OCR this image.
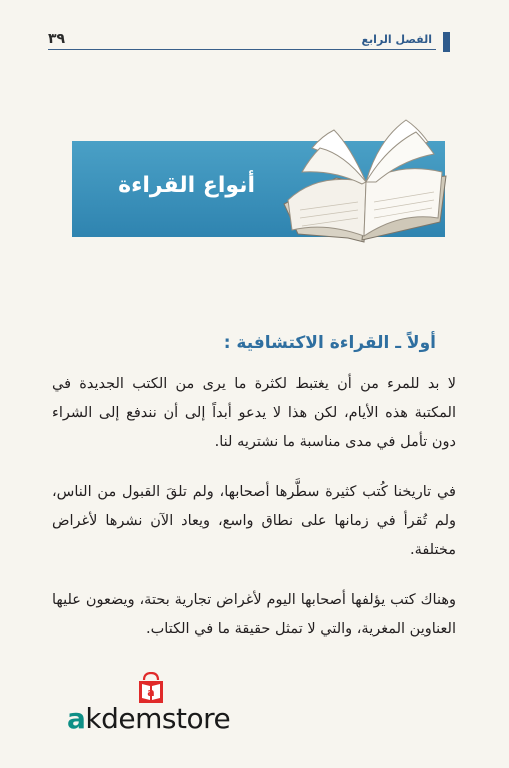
الفصل الرابع
٣٩
أنواع القراءة
أولاً ـ القراءة الاكتشافية :

لا بد للمرء من أن يغتبط لكثرة ما يرى من الكتب الجديدة في المكتبة هذه الأيام، لكن هذا لا يدعو أبداً إلى أن نندفع إلى الشراء دون تأمل في مدى مناسبة ما نشتريه لنا.

في تاريخنا كُتب كثيرة سطَّرها أصحابها، ولم تلقَ القبول من الناس، ولم تُقرأ في زمانها على نطاق واسع، ويعاد الآن نشرها لأغراض مختلفة.

وهناك كتب يؤلفها أصحابها اليوم لأغراض تجارية بحتة، ويضعون عليها العناوين المغرية، والتي لا تمثل حقيقة ما في الكتاب.

a
akdemstore
